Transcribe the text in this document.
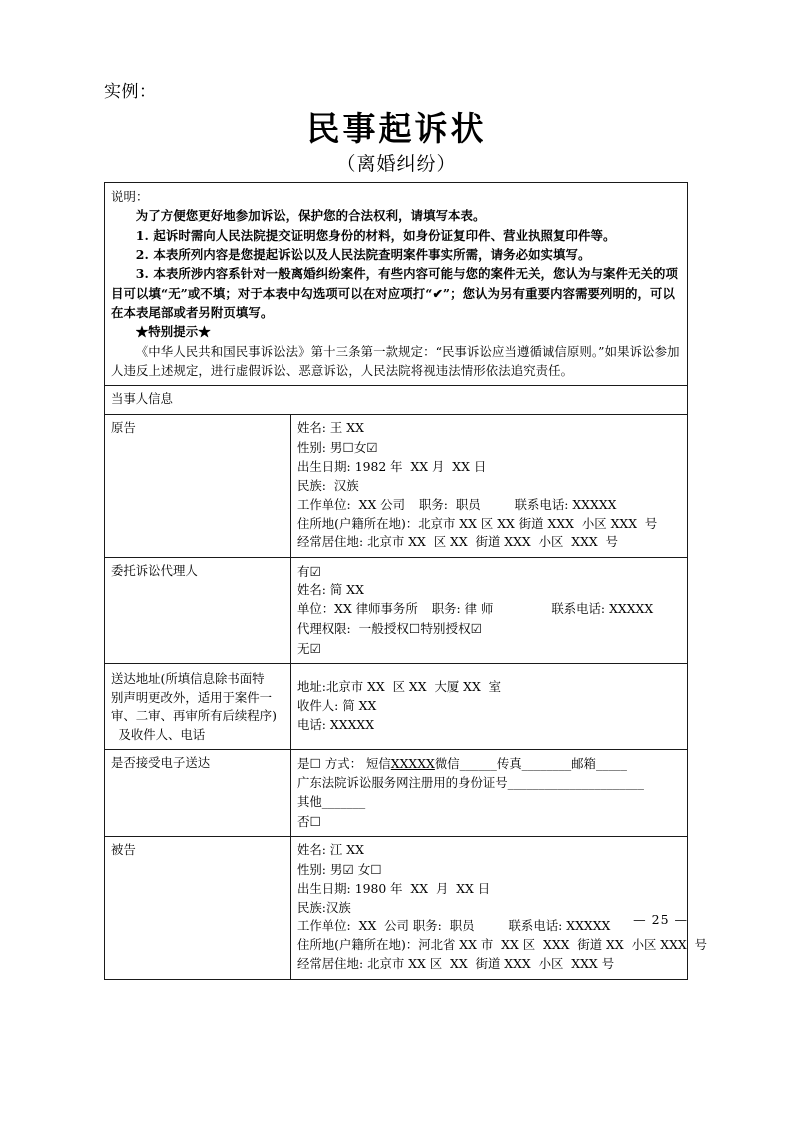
实例：
民事起诉状
（离婚纠纷）

说明：

为了方便您更好地参加诉讼，保护您的合法权利，请填写本表。

1. 起诉时需向人民法院提交证明您身份的材料，如身份证复印件、营业执照复印件等。

2. 本表所列内容是您提起诉讼以及人民法院查明案件事实所需，请务必如实填写。

3. 本表所涉内容系针对一般离婚纠纷案件，有些内容可能与您的案件无关，您认为与案件无关的项目可以填“无”或不填；对于本表中勾选项可以在对应项打“✔”；您认为另有重要内容需要列明的，可以在本表尾部或者另附页填写。

★特别提示★

《中华人民共和国民事诉讼法》第十三条第一款规定：“民事诉讼应当遵循诚信原则。”如果诉讼参加人违反上述规定，进行虚假诉讼、恶意诉讼，人民法院将视违法情形依法追究责任。

当事人信息	
原告	姓名: 王 XX
性别: 男☐女☑
出生日期: 1982 年  XX 月  XX 日
民族: 汉族
工作单位: XX 公司 职务: 职员	联系电话: XXXXX
住所地(户籍所在地)：北京市 XX 区 XX 街道 XXX  小区 XXX  号
经常居住地: 北京市 XX  区 XX  街道 XXX  小区  XXX  号

委托诉讼代理人	有☑
姓名: 简 XX
单位：XX 律师事务所 职务: 律 师 联系电话: XXXXX
代理权限: 一般授权☐特别授权☑
无☑

送达地址(所填信息除书面特
别声明更改外，适用于案件一
审、二审、再审所有后续程序)
及收件人、电话	地址:北京市 XX  区 XX  大厦 XX  室
收件人: 简 XX
电话: XXXXX

是否接受电子送达	是☐ 方式： 短信XXXXX微信______传真________邮箱_____
广东法院诉讼服务网注册用的身份证号______________________
其他_______
否☐

被告	姓名: 江 XX
性别: 男☑ 女☐
出生日期: 1980 年  XX  月  XX 日
民族:汉族
工作单位: XX  公司 职务: 职员	联系电话: XXXXX
住所地(户籍所在地)：河北省 XX 市  XX 区  XXX  街道 XX  小区 XXX  号
经常居住地: 北京市 XX 区  XX  街道 XXX  小区  XXX 号
— 25 —
